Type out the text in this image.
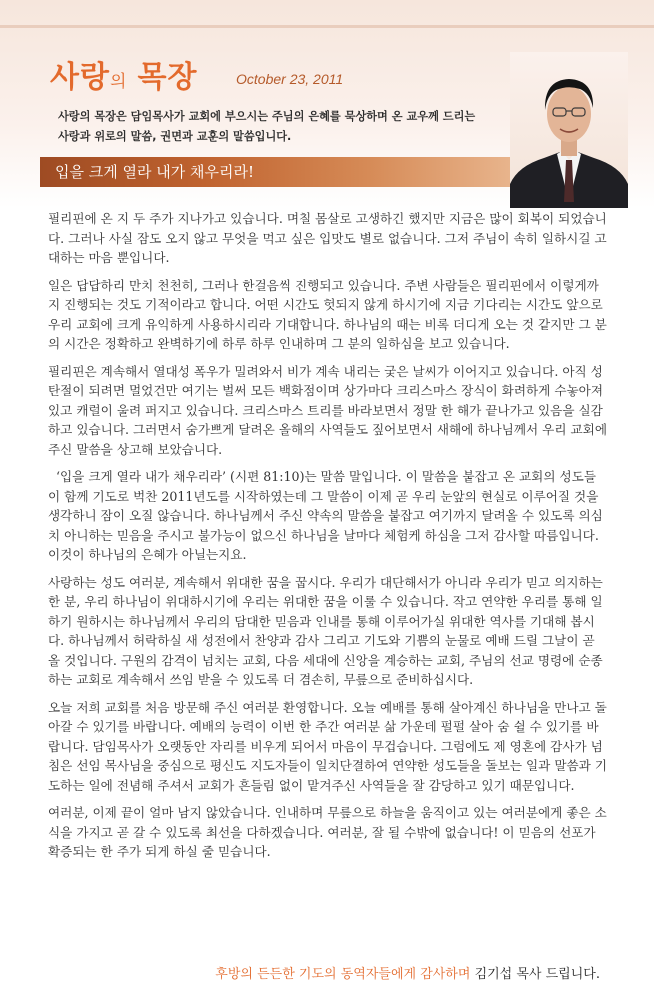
사랑의 목장	October 23, 2011

사랑의 목장은 담임목사가 교회에 부으시는 주님의 은혜를 묵상하며 온 교우께 드리는

사랑과 위로의 말씀, 권면과 교훈의 말씀입니다.

입을 크게 열라 내가 채우리라!

필리핀에 온 지 두 주가 지나가고 있습니다. 며칠 몸살로 고생하긴 했지만 지금은 많이 회복이 되었습니다. 그러나 사실 잠도 오지 않고 무엇을 먹고 싶은 입맛도 별로 없습니다. 그저 주님이 속히 일하시길 고대하는 마음 뿐입니다.

일은 답답하리 만치 천천히, 그러나 한걸음씩 진행되고 있습니다. 주변 사람들은 필리핀에서 이렇게까지 진행되는 것도 기적이라고 합니다. 어떤 시간도 헛되지 않게 하시기에 지금 기다리는 시간도 앞으로 우리 교회에 크게 유익하게 사용하시리라 기대합니다. 하나님의 때는 비록 더디게 오는 것 같지만 그 분의 시간은 정확하고 완벽하기에 하루 하루 인내하며 그 분의 일하심을 보고 있습니다.

필리핀은 계속해서 열대성 폭우가 밀려와서 비가 계속 내리는 궂은 날씨가 이어지고 있습니다. 아직 성탄절이 되려면 멀었건만 여기는 벌써 모든 백화점이며 상가마다 크리스마스 장식이 화려하게 수놓아져 있고 캐럴이 울려 퍼지고 있습니다. 크리스마스 트리를 바라보면서 정말 한 해가 끝나가고 있음을 실감하고 있습니다. 그러면서 숨가쁘게 달려온 올해의 사역들도 짚어보면서 새해에 하나님께서 우리 교회에 주신 말씀을 상고해 보았습니다.

‘입을 크게 열라 내가 채우리라’ (시편 81:10)는 말씀 말입니다. 이 말씀을 붙잡고 온 교회의 성도들이 함께 기도로 벅찬 2011년도를 시작하였는데 그 말씀이 이제 곧 우리 눈앞의 현실로 이루어질 것을 생각하니 잠이 오질 않습니다. 하나님께서 주신 약속의 말씀을 붙잡고 여기까지 달려올 수 있도록 의심치 아니하는 믿음을 주시고 불가능이 없으신 하나님을 날마다 체험케 하심을 그저 감사할 따름입니다. 이것이 하나님의 은혜가 아닐는지요.

사랑하는 성도 여러분, 계속해서 위대한 꿈을 꿉시다. 우리가 대단해서가 아니라 우리가 믿고 의지하는 한 분, 우리 하나님이 위대하시기에 우리는 위대한 꿈을 이룰 수 있습니다. 작고 연약한 우리를 통해 일하기 원하시는 하나님께서 우리의 담대한 믿음과 인내를 통해 이루어가실 위대한 역사를 기대해 봅시다. 하나님께서 허락하실 새 성전에서 찬양과 감사 그리고 기도와 기쁨의 눈물로 예배 드릴 그날이 곧 올 것입니다. 구원의 감격이 넘치는 교회, 다음 세대에 신앙을 계승하는 교회, 주님의 선교 명령에 순종하는 교회로 계속해서 쓰임 받을 수 있도록 더 겸손히, 무릎으로 준비하십시다.

오늘 저희 교회를 처음 방문해 주신 여러분 환영합니다. 오늘 예배를 통해 살아계신 하나님을 만나고 돌아갈 수 있기를 바랍니다. 예배의 능력이 이번 한 주간 여러분 삶 가운데 펄펄 살아 숨 쉴 수 있기를 바랍니다. 담임목사가 오랫동안 자리를 비우게 되어서 마음이 무겁습니다. 그럼에도 제 영혼에 감사가 넘침은 선임 목사님을 중심으로 평신도 지도자들이 일치단결하여 연약한 성도들을 돌보는 일과 말씀과 기도하는 일에 전념해 주셔서 교회가 흔들림 없이 맡겨주신 사역들을 잘 감당하고 있기 때문입니다.

여러분, 이제 끝이 얼마 남지 않았습니다. 인내하며 무릎으로 하늘을 움직이고 있는 여러분에게 좋은 소식을 가지고 곧 갈 수 있도록 최선을 다하겠습니다. 여러분, 잘 될 수밖에 없습니다! 이 믿음의 선포가 확증되는 한 주가 되게 하실 줄 믿습니다.

후방의 든든한 기도의 동역자들에게 감사하며 김기섭 목사 드립니다.
